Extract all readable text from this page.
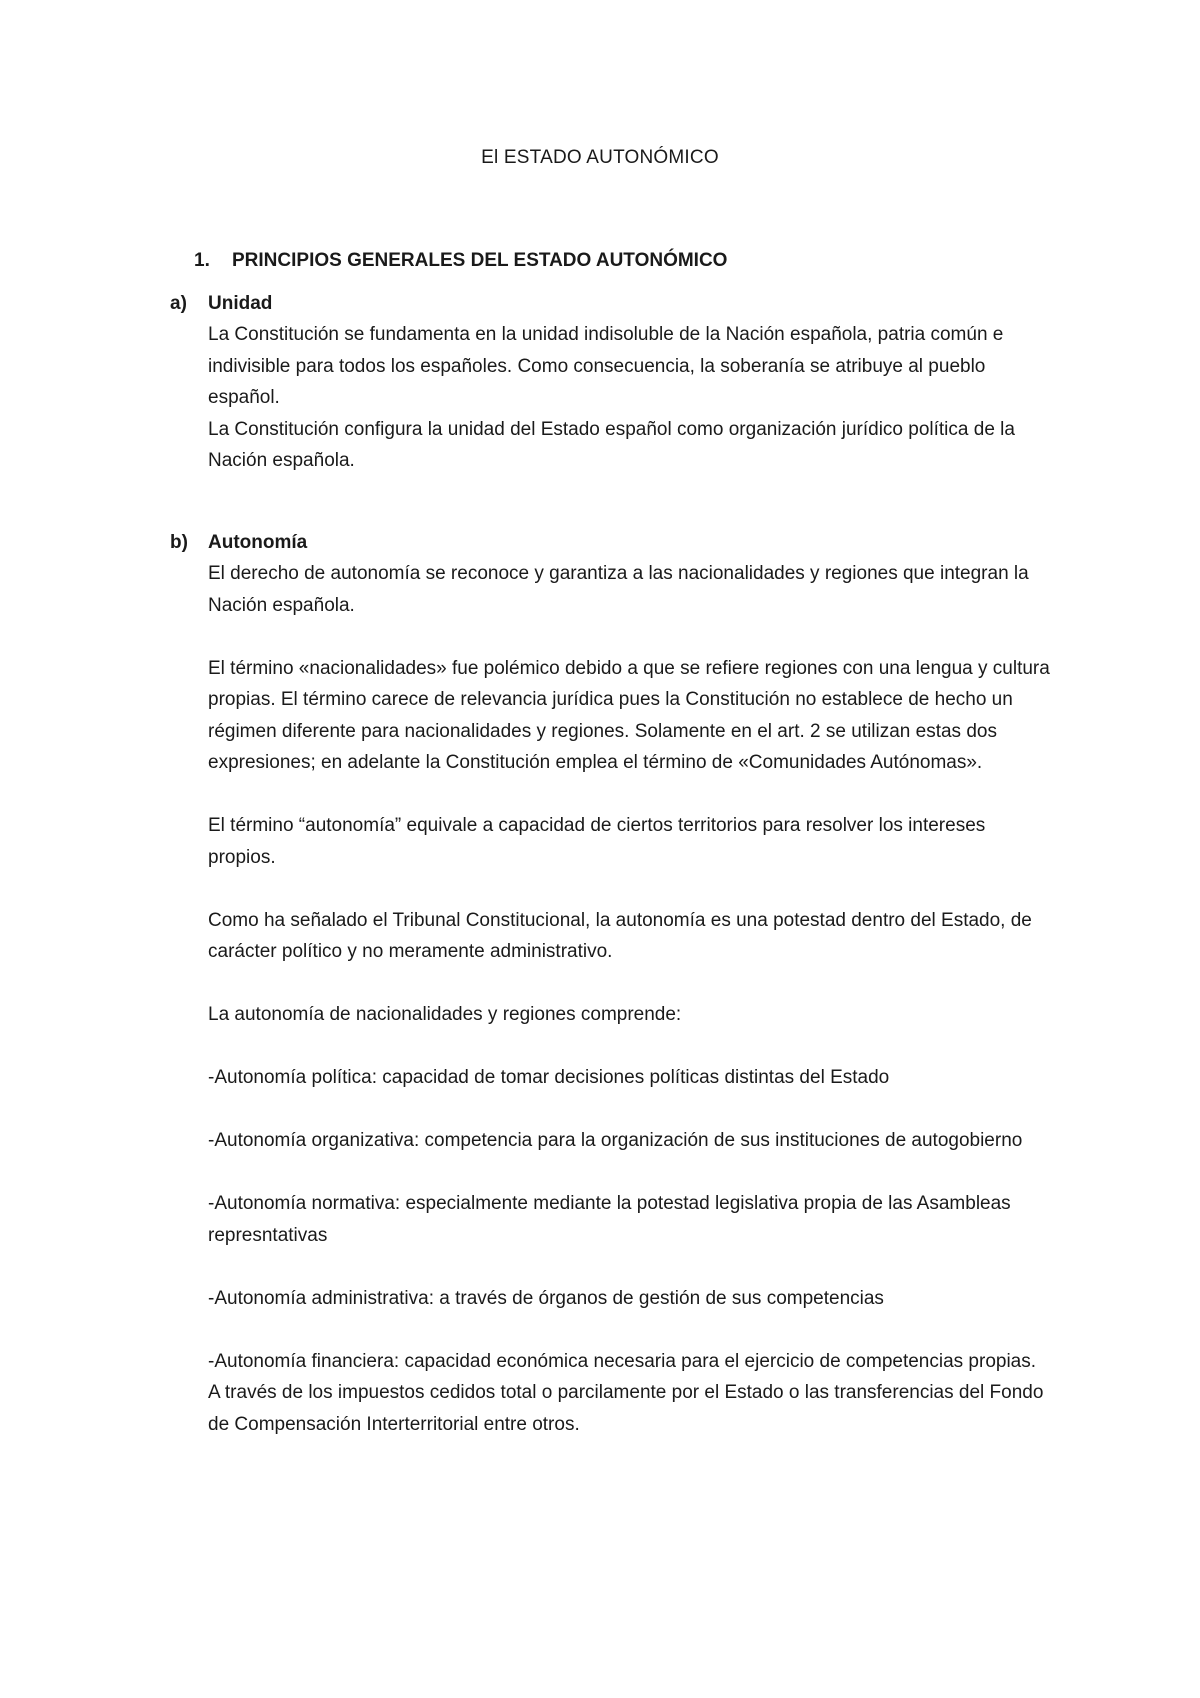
El ESTADO AUTONÓMICO
1. PRINCIPIOS GENERALES DEL ESTADO AUTONÓMICO
a) Unidad

La Constitución se fundamenta en la unidad indisoluble de la Nación española, patria común e indivisible para todos los españoles. Como consecuencia, la soberanía se atribuye al pueblo español.

La Constitución configura la unidad del Estado español como organización jurídico política de la Nación española.

b) Autonomía

El derecho de autonomía se reconoce y garantiza a las nacionalidades y regiones que integran la Nación española.

El término «nacionalidades» fue polémico debido a que se refiere regiones con una lengua y cultura propias. El término carece de relevancia jurídica pues la Constitución no establece de hecho un régimen diferente para nacionalidades y regiones. Solamente en el art. 2 se utilizan estas dos expresiones; en adelante la Constitución emplea el término de «Comunidades Autónomas».

El término “autonomía” equivale a capacidad de ciertos territorios para resolver los intereses propios.

Como ha señalado el Tribunal Constitucional, la autonomía es una potestad dentro del Estado, de carácter político y no meramente administrativo.

La autonomía de nacionalidades y regiones comprende:

-Autonomía política: capacidad de tomar decisiones políticas distintas del Estado

-Autonomía organizativa: competencia para la organización de sus instituciones de autogobierno

-Autonomía normativa: especialmente mediante la potestad legislativa propia de las Asambleas represntativas

-Autonomía administrativa: a través de órganos de gestión de sus competencias

-Autonomía financiera: capacidad económica necesaria para el ejercicio de competencias propias. A través de los impuestos cedidos total o parcilamente por el Estado o las transferencias del Fondo de Compensación Interterritorial entre otros.
